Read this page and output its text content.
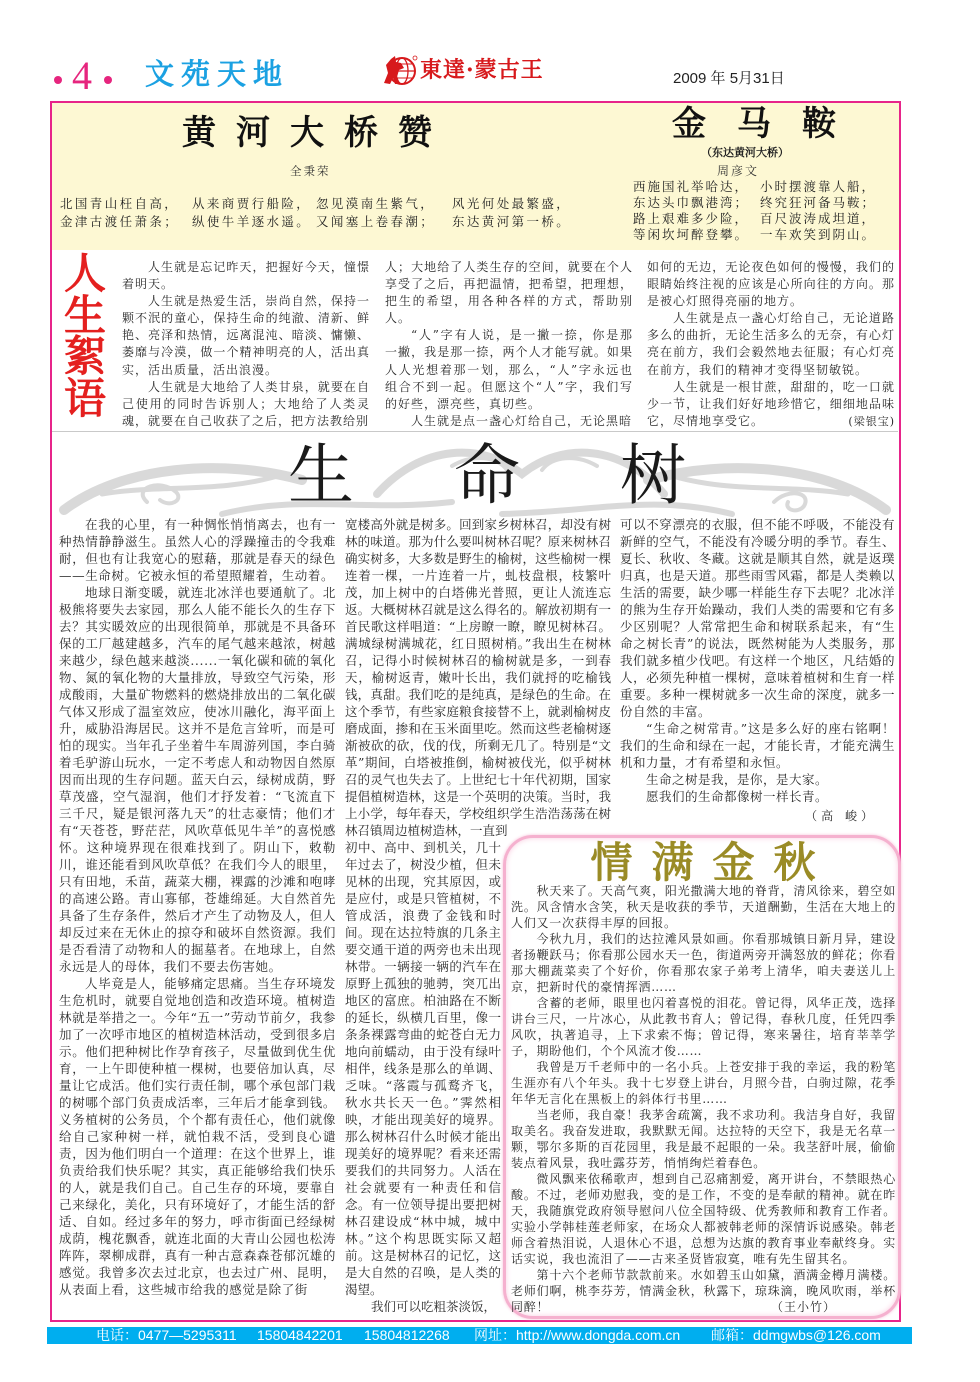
4 文苑天地	東達·蒙古王	2009 年 5月31日
黄河大桥赞
全秉荣
北国青山枉自高，
金津古渡任萧条；
从来商贾行船险，
纵使牛羊逐水遥。
忽见漠南生紫气，
又闻塞上卷春潮；
风光何处最繁盛，
东达黄河第一桥。
金马鞍
（东达黄河大桥）
周彦文
西施国礼举哈达，
东达头巾飘港湾；
路上艰难多少险，
等闲坎坷醉登攀。
小时摆渡靠人船，
终究狂河备马鞍；
百尺波涛成坦道，
一车欢笑到阴山。
人生絮语

人生就是忘记昨天，把握好今天，憧憬着明天。

人生就是热爱生活，崇尚自然，保持一颗不泯的童心，保持生命的纯澈、清新、鲜艳、亮泽和热情，远离混沌、暗淡、慵懒、萎靡与冷漠，做一个精神明亮的人，活出真实，活出质量，活出浪漫。

人生就是大地给了人类甘泉，就要在自己使用的同时告诉别人；大地给了人类灵魂，就要在自己收获了之后，把方法教给别

人；大地给了人类生存的空间，就要在个人享受了之后，再把温情，把希望，把理想，把生的希望，用各种各样的方式，帮助别人。

“人”字有人说，是一撇一捺，你是那一撇，我是那一捺，两个人才能写就。如果人人光想着那一划，那么，“人”字永远也组合不到一起。但愿这个“人”字，我们写的好些，漂亮些，真切些。

人生就是点一盏心灯给自己，无论黑暗

如何的无边，无论夜色如何的慢慢，我们的眼睛始终注视的应该是心所向往的方向。那是被心灯照得亮丽的地方。

人生就是点一盏心灯给自己，无论道路多么的曲折，无论生活多么的无奈，有心灯亮在前方，我们会毅然地去征服；有心灯亮在前方，我们的精神才变得坚韧敏锐。

人生就是一根甘蔗，甜甜的，吃一口就少一节，让我们好好地珍惜它，细细地品味它，尽情地享受它。	(梁银宝)

生命树

在我的心里，有一种惆怅悄悄离去，也有一种热情静静滋生。虽然人心的浮躁撞击的令我难耐，但也有让我宽心的慰藉，那就是春天的绿色——生命树。它被永恒的希望照耀着，生动着。

地球日渐变暖，就连北冰洋也要通航了。北极熊将要失去家园，那么人能不能长久的生存下去？其实暖效应的出现很简单，那就是不具备环保的工厂越建越多，汽车的尾气越来越浓，树越来越少，绿色越来越淡......一氧化碳和硫的氧化物、氮的氧化物的大量排放，导致空气污染，形成酸雨，大量矿物燃料的燃烧排放出的二氧化碳气体又形成了温室效应，使冰川融化，海平面上升，威胁沿海居民。这并不是危言耸听，而是可怕的现实。当年孔子坐着牛车周游列国，李白骑着毛驴游山玩水，一定不考虑人和动物因自然原因而出现的生存问题。蓝天白云，绿树成荫，野草茂盛，空气湿润，他们才抒发着：“飞流直下三千尺，疑是银河落九天”的壮志豪情；他们才有“天苍苍，野茫茫，风吹草低见牛羊”的喜悦感怀。这种境界现在很难找到了。阴山下，敕勒川，谁还能看到风吹草低？在我们今人的眼里，只有田地，禾苗，蔬菜大棚，裸露的沙滩和咆哮的高速公路。青山寡郁，苍雄绵延。大自然首先具备了生存条件，然后才产生了动物及人，但人却反过来在无休止的掠夺和破坏自然资源。我们是否看清了动物和人的掘墓者。在地球上，自然永远是人的母体，我们不要去伤害她。

人毕竟是人，能够痛定思痛。当生存环境发生危机时，就要自觉地创造和改造环境。植树造林就是举措之一。今年“五一”劳动节前夕，我参加了一次呼市地区的植树造林活动，受到很多启示。他们把种树比作孕育孩子，尽量做到优生优育，一上午即使种植一棵树，也要倍加认真，尽量让它成活。他们实行责任制，哪个承包部门栽的树哪个部门负责成活率，三年后才能拿到钱。义务植树的公务员，个个都有责任心，他们就像给自己家种树一样，就怕栽不活，受到良心谴责，因为他们明白一个道理：在这个世界上，谁负责给我们快乐呢？其实，真正能够给我们快乐的人，就是我们自己。自己生存的环境，要靠自己来绿化，美化，只有环境好了，才能生活的舒适、自如。经过多年的努力，呼市街面已经绿树成荫，槐花飘香，就连北面的大青山公园也松涛阵阵，翠柳成群，真有一种古意森森苍郁沉雄的感觉。我曾多次去过北京，也去过广州、昆明，从表面上看，这些城市给我的感觉是除了街

宽楼高外就是树多。回到家乡树林召，却没有树林的味道。那为什么要叫树林召呢？原来树林召确实树多，大多数是野生的榆树，这些榆树一棵连着一棵，一片连着一片，虬枝盘根，枝繁叶茂，加上树中的白塔佛光普照，更让人流连忘返。大概树林召就是这么得名的。解放初期有一首民歌这样唱道：“上房瞭一瞭，瞭见树林召。满城绿树满城花，红日照树梢。”我出生在树林召，记得小时候树林召的榆树就是多，一到春天，榆树返青，嫩叶长出，我们就捋的吃榆钱钱，真甜。我们吃的是纯真，是绿色的生命。在这个季节，有些家庭粮食接替不上，就剥榆树皮磨成面，掺和在玉米面里吃。然而这些老榆树逐渐被砍的砍，伐的伐，所剩无几了。特别是“文革”期间，白塔被推倒，榆树被伐光，似乎树林召的灵气也失去了。上世纪七十年代初期，国家提倡植树造林，这是一个英明的决策。当时，我上小学，每年春天，学校组织学生浩浩荡荡在树林召镇周边植树造林，一直到

初中、高中、到机关，几十年过去了，树没少植，但未见林的出现，究其原因，或是应付，或是只管植树，不管成活，浪费了金钱和时间。现在达拉特旗的几条主要交通干道的两旁也未出现林带。一辆接一辆的汽车在原野上孤独的驰骋，突兀出地区的富庶。柏油路在不断的延长，纵横几百里，像一条条裸露弯曲的蛇苍白无力地向前蠕动，由于没有绿叶相伴，线条是那么的单调、乏味。“落霞与孤鹜齐飞，秋水共长天一色。”霁然相映，才能出现美好的境界。那么树林召什么时候才能出现美好的境界呢？看来还需要我们的共同努力。人活在社会就要有一种责任和信念。有一位领导提出要把树林召建设成“林中城，城中林。”这个构思既实际又超前。这是树林召的记忆，这是大自然的召唤，是人类的渴望。

我们可以吃粗茶淡饭，

可以不穿漂亮的衣服，但不能不呼吸，不能没有新鲜的空气，不能没有冷暖分明的季节。春生、夏长、秋收、冬藏。这就是顺其自然，就是返璞归真，也是天道。那些雨雪风霜，都是人类赖以生活的需要，缺少哪一样能生存下去呢？北冰洋的熊为生存开始躁动，我们人类的需要和它有多少区别呢？人常常把生命和树联系起来，有“生命之树长青”的说法，既然树能为人类服务，那我们就多植少伐吧。有这样一个地区，凡结婚的人，必须先种植一棵树，意味着植树和生育一样重要。多种一棵树就多一次生命的深度，就多一份自然的丰富。

“生命之树常青。”这是多么好的座右铭啊！我们的生命和绿在一起，才能长青，才能充满生机和力量，才有希望和永恒。

生命之树是我，是你，是大家。

愿我们的生命都像树一样长青。

（高 峻）
情满金秋

秋天来了。天高气爽，阳光撒满大地的脊背，清风徐来，碧空如洗。风含情水含笑，秋天是收获的季节，天道酬勤，生活在大地上的人们又一次获得丰厚的回报。

今秋九月，我们的达拉滩风景如画。你看那城镇日新月异，建设者扬鞭跃马；你看那公园水天一色，街道两旁开满怒放的鲜花；你看那大棚蔬菜卖了个好价，你看那农家子弟考上清华，咱夫妻送儿上京，把新时代的豪情挥洒……

含蓄的老师，眼里也闪着喜悦的泪花。曾记得，风华正茂，选择讲台三尺，一片冰心，从此教书育人；曾记得，春秋几度，任凭四季风吹，执著追寻，上下求索不悔；曾记得，寒来暑往，培育莘莘学子，期盼他们，个个风流才俊……

我曾是万千老师中的一名小兵。上苍安排于我的幸运，我的粉笔生涯亦有八个年头。我十七岁登上讲台，月照今昔，白驹过隙，花季年华无言化在黑板上的斜体行书里……

当老师，我自豪！我茅舍疏篱，我不求功利。我洁身自好，我留取美名。我奋发进取，我默默无闻。达拉特的天空下，我是无名草一颗，鄂尔多斯的百花园里，我是最不起眼的一朵。我茎舒叶展，偷偷装点着风景，我吐露芬芳，悄悄绚烂着春色。

微风飘来依稀歌声，想到自己忍痛割爱，离开讲台，不禁眼热心酸。不过，老师劝慰我，变的是工作，不变的是奉献的精神。就在昨天，我随旗党政府领导慰问八位全国特级、优秀教师和教育工作者。实验小学韩桂莲老师家，在场众人都被韩老师的深情诉说感染。韩老师含着热泪说，人退休心不退，总想为达旗的教育事业奉献终身。实话实说，我也流泪了——古来圣贤皆寂寞，唯有先生留其名。

第十六个老师节款款前来。水如碧玉山如黛，酒满金樽月满楼。老师们啊，桃李芬芳，情满金秋，秋露下，琼珠滴，晚风吹雨，举杯同醉！	（王小竹）

电话：0477—5295311 15804842201 15804812268 网址：http://www.dongda.com.cn 邮箱：ddmgwbs@126.com
